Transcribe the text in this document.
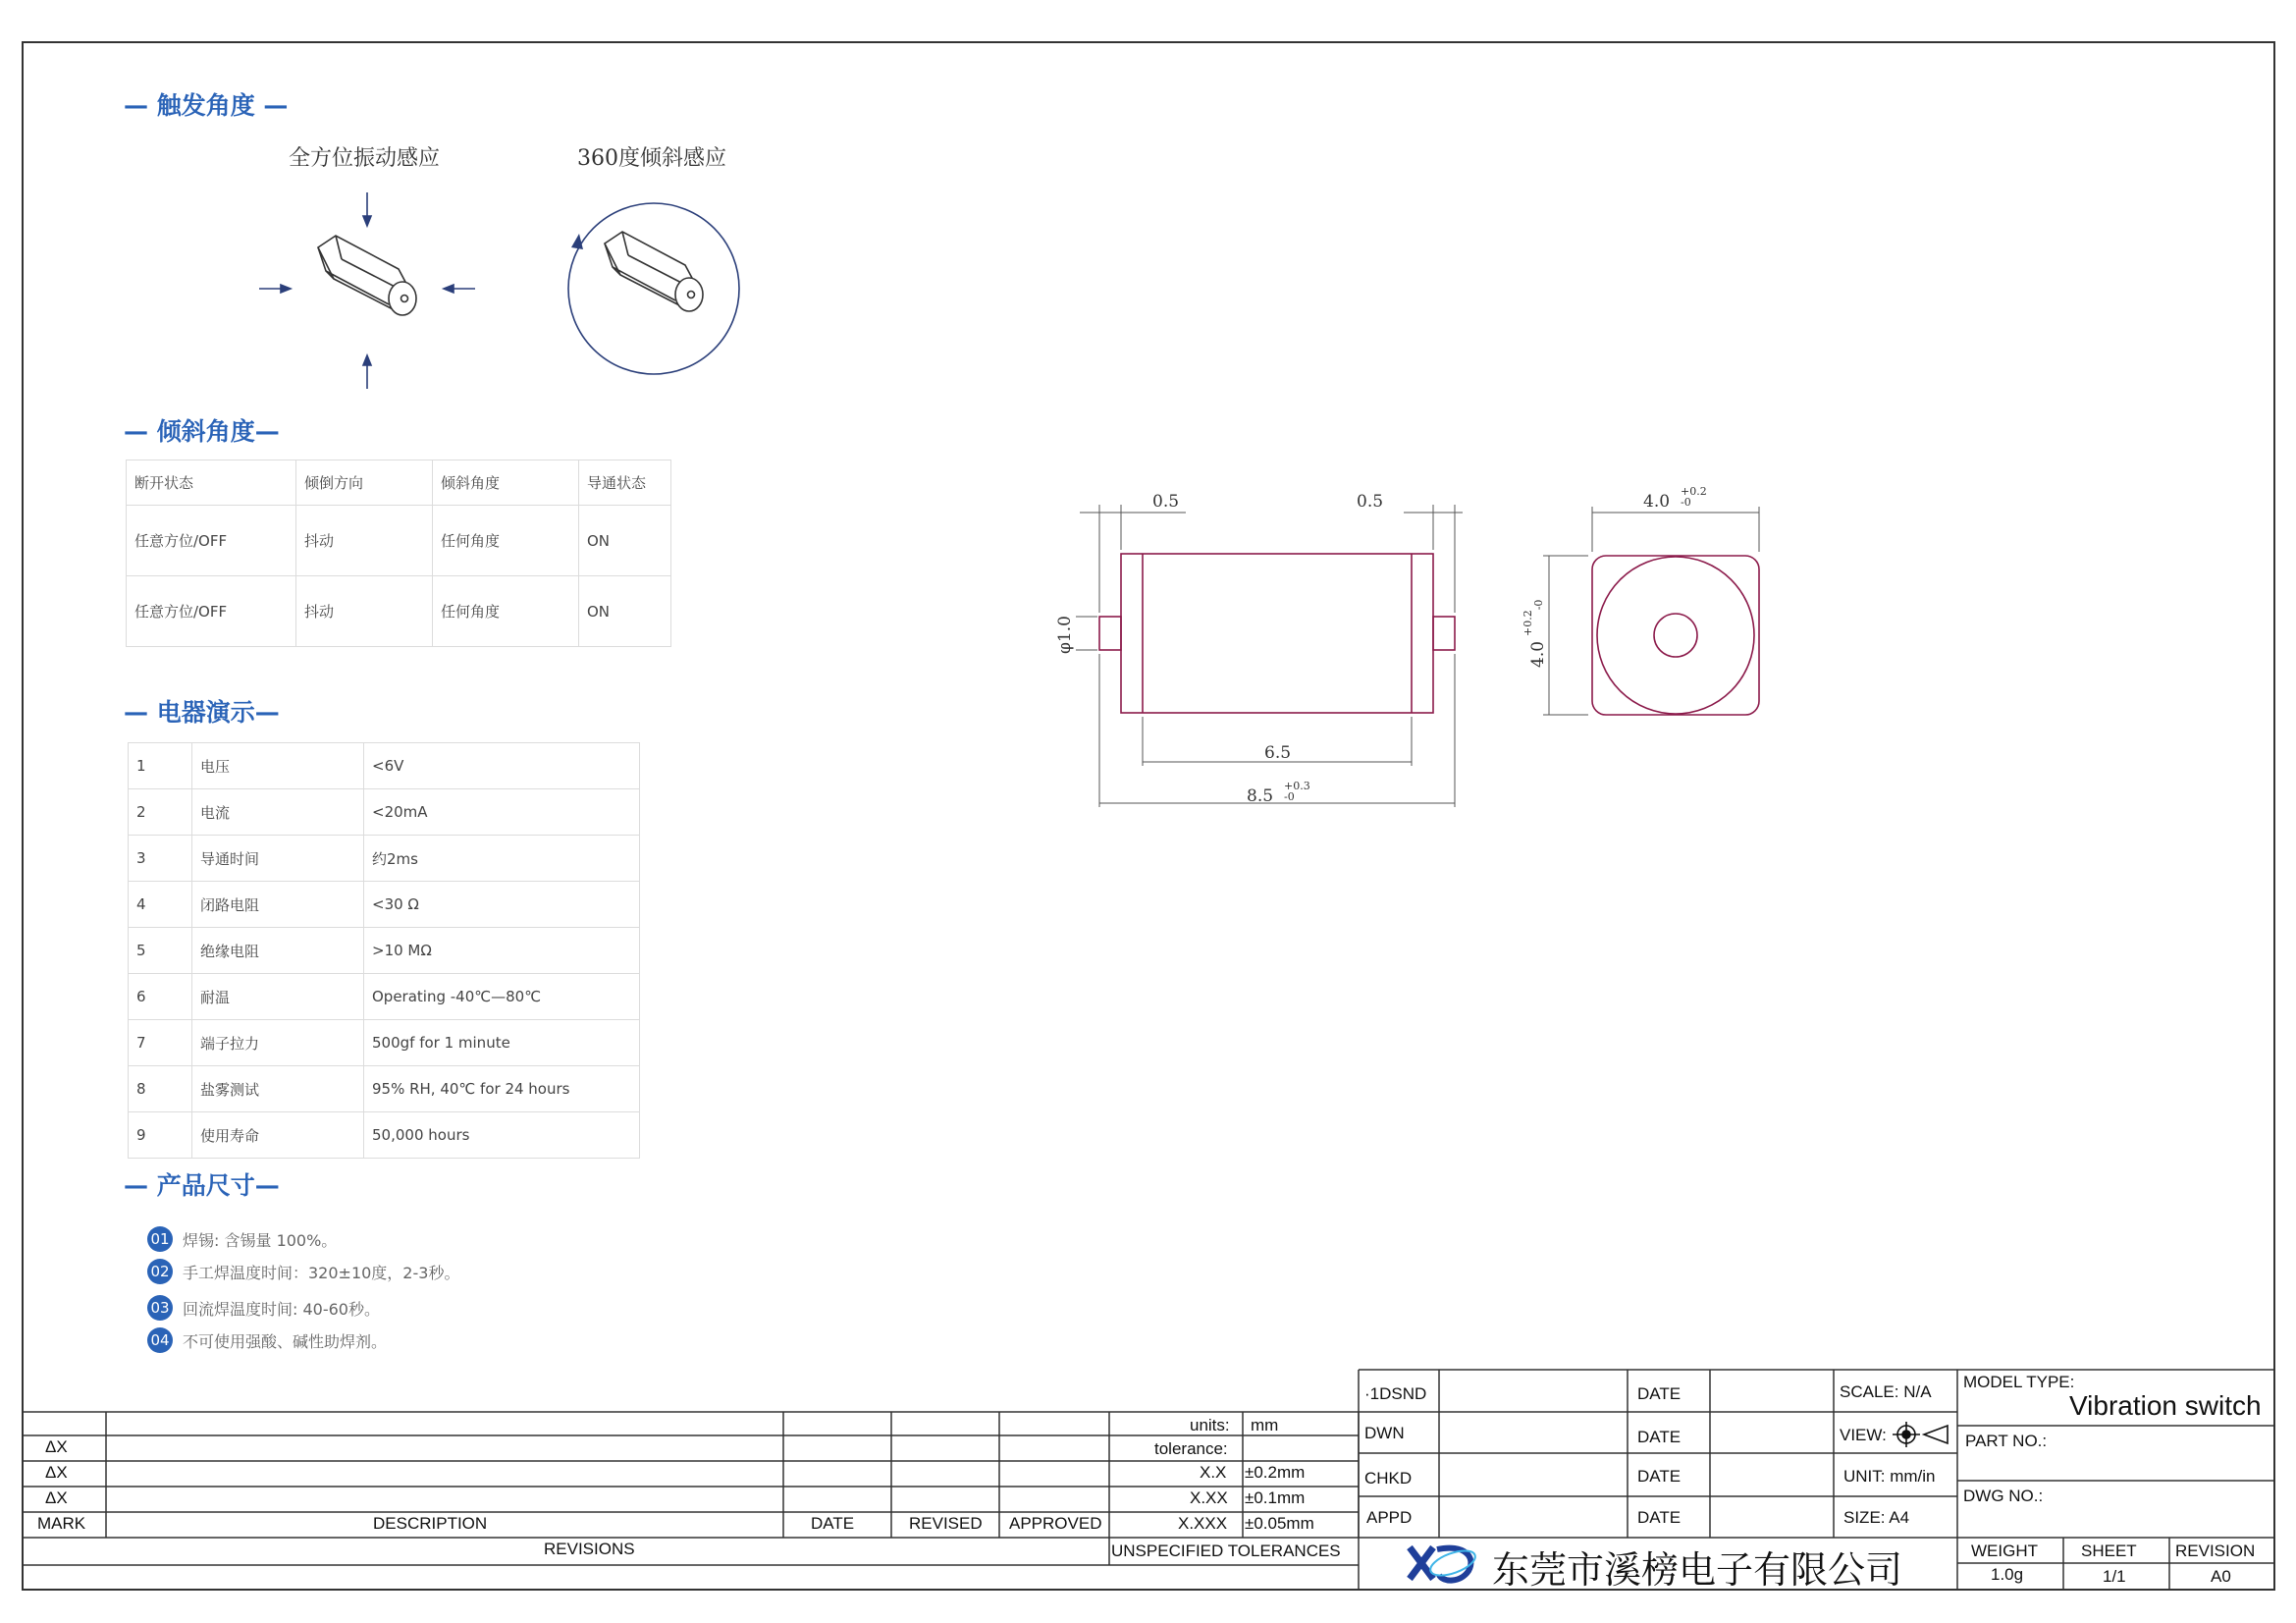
— 触发角度 —
全方位振动感应	360度倾斜感应
— 倾斜角度—
断开状态	倾倒方向	倾斜角度	导通状态
任意方位/OFF	抖动	任何角度	ON
任意方位/OFF	抖动	任何角度	ON
— 电器演示—
1	电压	<6V
2	电流	<20mA
3	导通时间	约2ms
4	闭路电阻	<30 Ω
5	绝缘电阻	>10 MΩ
6	耐温	Operating -40℃—80℃
7	端子拉力	500gf for 1 minute
8	盐雾测试	95% RH, 40℃ for 24 hours
9	使用寿命	50,000 hours
— 产品尺寸—
01 焊锡: 含锡量 100%。
02 手工焊温度时间：320±10度，2-3秒。
03 回流焊温度时间: 40-60秒。
04 不可使用强酸、碱性助焊剂。
0.5	0.5
6.5
8.5
+0.3 -0
φ1.0
4.0
+0.2 -0
4.0
+0.2-0
ΔX
ΔX
ΔX
MARK	DESCRIPTION	DATE	REVISED APPROVED
REVISIONS
units: mm
tolerance:
X.X ±0.2mm
X.XX ±0.1mm
X.XXX ±0.05mm
UNSPECIFIED TOLERANCES
·1DSND	DATE
DWN	DATE
CHKD	DATE
APPD	DATE
SCALE: N/A
VIEW:
UNIT: mm/in
SIZE: A4
MODEL TYPE:
Vibration switch
PART NO.:
DWG NO.:
东莞市溪榜电子有限公司	WEIGHT
1.0g
SHEET
1/1
REVISION
A0
